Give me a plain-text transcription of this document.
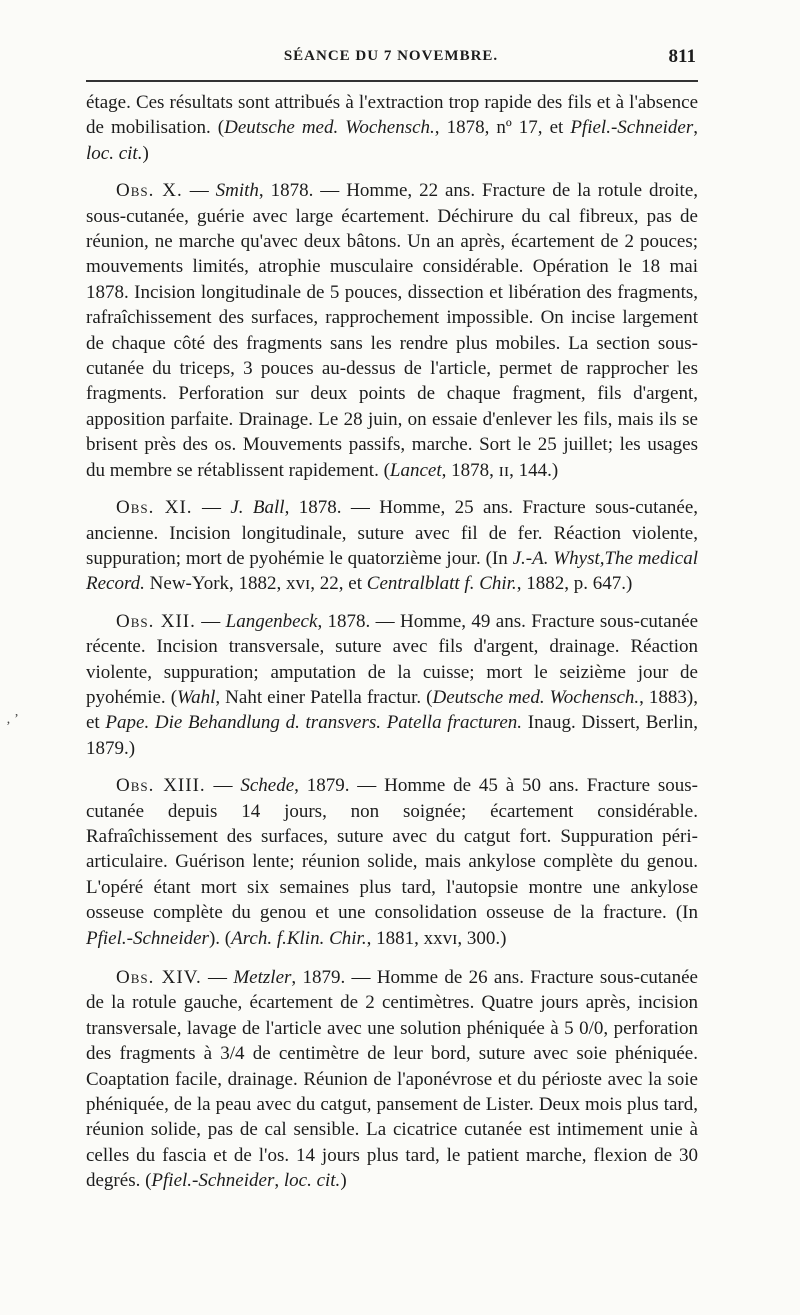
SÉANCE DU 7 NOVEMBRE.	811
‚ ʼ

étage. Ces résultats sont attribués à l'extraction trop rapide des fils et à l'absence de mobilisation. (Deutsche med. Wochensch., 1878, nº 17, et Pfiel.-Schneider, loc. cit.)

Obs. X. — Smith, 1878. — Homme, 22 ans. Fracture de la rotule droite, sous-cutanée, guérie avec large écartement. Déchirure du cal fibreux, pas de réunion, ne marche qu'avec deux bâtons. Un an après, écartement de 2 pouces; mouvements limités, atrophie musculaire considérable. Opération le 18 mai 1878. Incision longitudinale de 5 pouces, dissection et libération des fragments, rafraîchissement des surfaces, rapprochement impossible. On incise largement de chaque côté des fragments sans les rendre plus mobiles. La section sous-cutanée du triceps, 3 pouces au-dessus de l'article, permet de rapprocher les fragments. Perforation sur deux points de chaque fragment, fils d'argent, apposition parfaite. Drainage. Le 28 juin, on essaie d'enlever les fils, mais ils se brisent près des os. Mouvements passifs, marche. Sort le 25 juillet; les usages du membre se rétablissent rapidement. (Lancet, 1878, ɪɪ, 144.)

Obs. XI. — J. Ball, 1878. — Homme, 25 ans. Fracture sous-cutanée, ancienne. Incision longitudinale, suture avec fil de fer. Réaction violente, suppuration; mort de pyohémie le quatorzième jour. (In J.-A. Whyst,The medical Record. New-York, 1882, xvɪ, 22, et Centralblatt f. Chir., 1882, p. 647.)

Obs. XII. — Langenbeck, 1878. — Homme, 49 ans. Fracture sous-cutanée récente. Incision transversale, suture avec fils d'argent, drainage. Réaction violente, suppuration; amputation de la cuisse; mort le seizième jour de pyohémie. (Wahl, Naht einer Patella fractur. (Deutsche med. Wochensch., 1883), et Pape. Die Behandlung d. transvers. Patella fracturen. Inaug. Dissert, Berlin, 1879.)

Obs. XIII. — Schede, 1879. — Homme de 45 à 50 ans. Fracture sous-cutanée depuis 14 jours, non soignée; écartement considérable. Rafraîchissement des surfaces, suture avec du catgut fort. Suppuration péri-articulaire. Guérison lente; réunion solide, mais ankylose complète du genou. L'opéré étant mort six semaines plus tard, l'autopsie montre une ankylose osseuse complète du genou et une consolidation osseuse de la fracture. (In Pfiel.-Schneider). (Arch. f.Klin. Chir., 1881, xxvɪ, 300.)

Obs. XIV. — Metzler, 1879. — Homme de 26 ans. Fracture sous-cutanée de la rotule gauche, écartement de 2 centimètres. Quatre jours après, incision transversale, lavage de l'article avec une solution phéniquée à 5 0/0, perforation des fragments à 3/4 de centimètre de leur bord, suture avec soie phéniquée. Coaptation facile, drainage. Réunion de l'aponévrose et du périoste avec la soie phéniquée, de la peau avec du catgut, pansement de Lister. Deux mois plus tard, réunion solide, pas de cal sensible. La cicatrice cutanée est intimement unie à celles du fascia et de l'os. 14 jours plus tard, le patient marche, flexion de 30 degrés. (Pfiel.-Schneider, loc. cit.)
